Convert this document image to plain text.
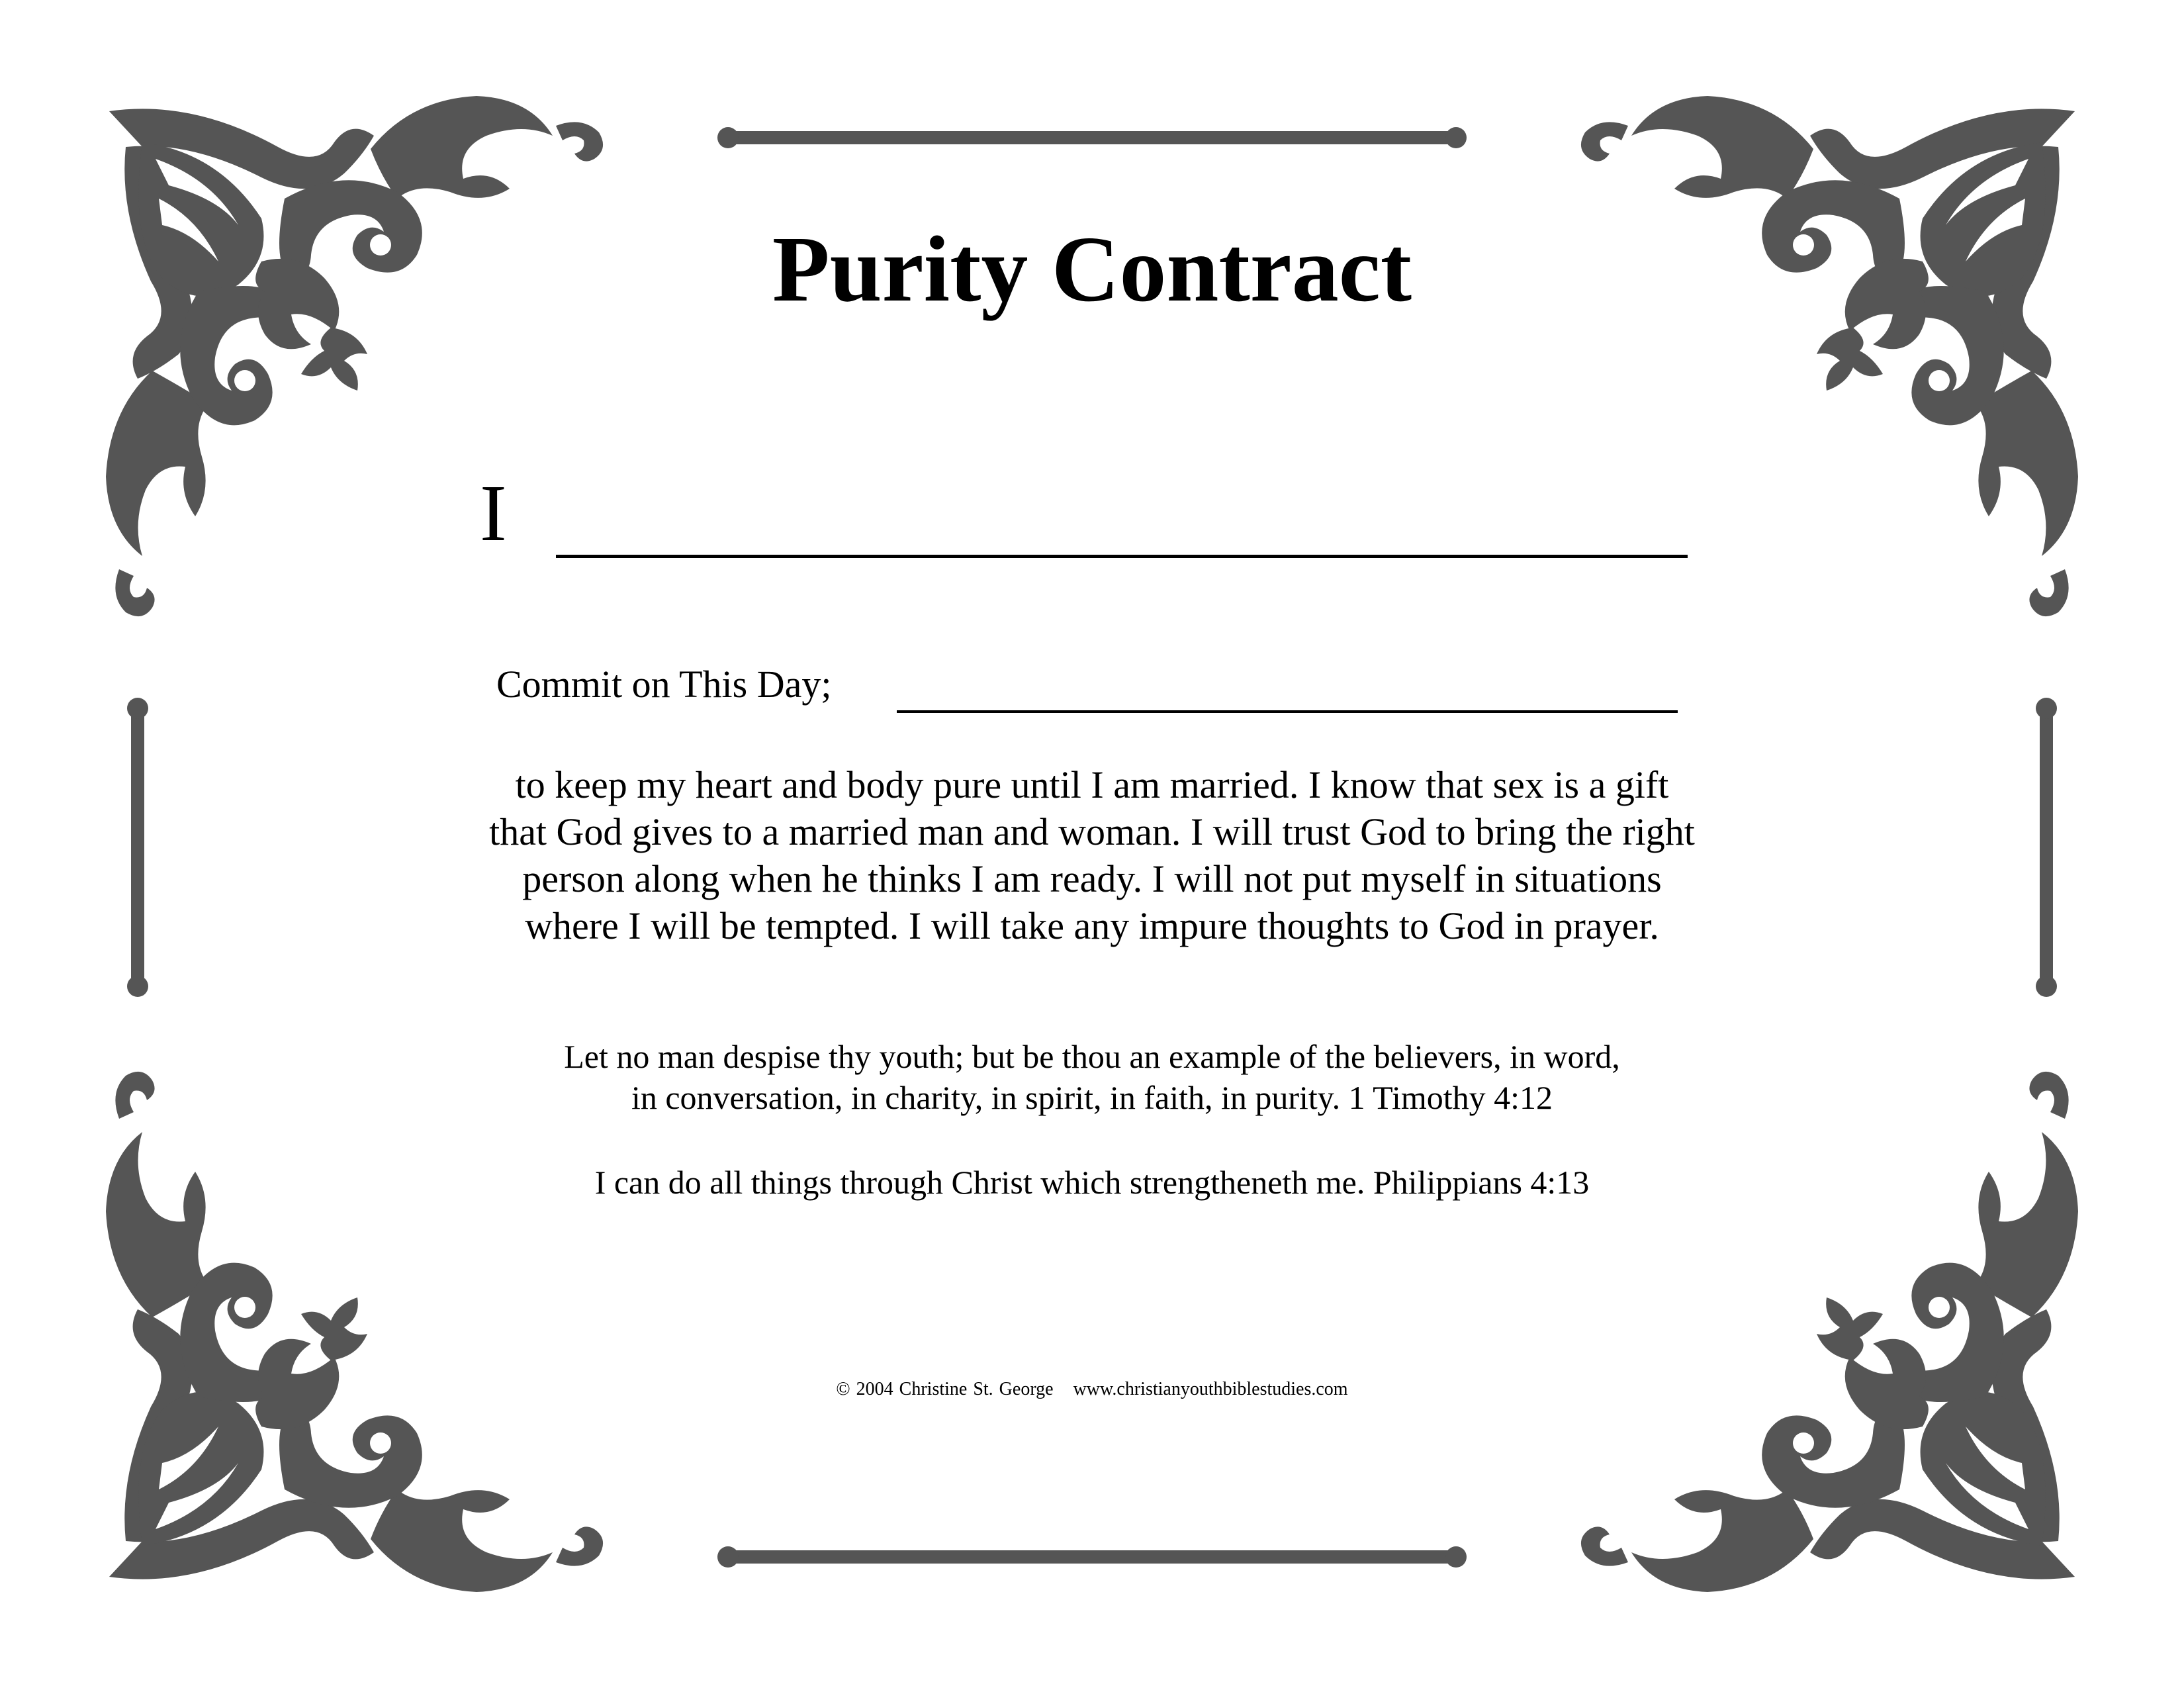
Purity Contract
I
Commit on This Day;
to keep my heart and body pure until I am married. I know that sex is a gift
that God gives to a married man and woman. I will trust God to bring the right
person along when he thinks I am ready. I will not put myself in situations
where I will be tempted. I will take any impure thoughts to God in prayer.
Let no man despise thy youth; but be thou an example of the believers, in word,
in conversation, in charity, in spirit, in faith, in purity. 1 Timothy 4:12
I can do all things through Christ which strengtheneth me. Philippians 4:13
© 2004 Christine St. George www.christianyouthbiblestudies.com
